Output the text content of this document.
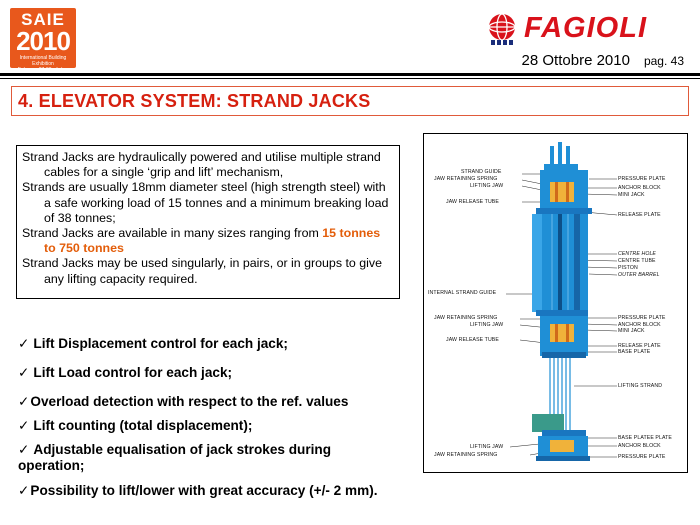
SAIE
2010
International Building Exhibition
Bologna, 27-30 ottobre
FAGIOLI
28 Ottobre 2010 pag. 43
4. ELEVATOR SYSTEM: STRAND JACKS

Strand Jacks are hydraulically powered and utilise multiple strand cables for a single ‘grip and lift’ mechanism,

Strands are usually 18mm diameter steel (high strength steel) with a safe working load of 15 tonnes and a minimum breaking load of 38 tonnes;

Strand Jacks are available in many sizes ranging from 15 tonnes to 750 tonnes

Strand Jacks may be used singularly, in pairs, or in groups to give any lifting capacity required.

✓ Lift Displacement control for each jack;
✓ Lift Load control for each jack;
✓Overload detection with respect to the ref. values
✓ Lift counting (total displacement);
✓ Adjustable equalisation of jack strokes during operation;
✓Possibility to lift/lower with great accuracy (+/- 2 mm).
STRAND GUIDE
JAW RETAINING SPRING
LIFTING JAW
JAW RELEASE TUBE
INTERNAL STRAND GUIDE
JAW RETAINING SPRING
LIFTING JAW
JAW RELEASE TUBE
LIFTING JAW
JAW RETAINING SPRING
PRESSURE PLATE
ANCHOR BLOCK
MINI JACK
RELEASE PLATE
CENTRE HOLE
CENTRE TUBE
PISTON
OUTER BARREL
PRESSURE PLATE
ANCHOR BLOCK
MINI JACK
RELEASE PLATE
BASE PLATE
LIFTING STRAND
BASE PLATEE PLATE
ANCHOR BLOCK
PRESSURE PLATE
